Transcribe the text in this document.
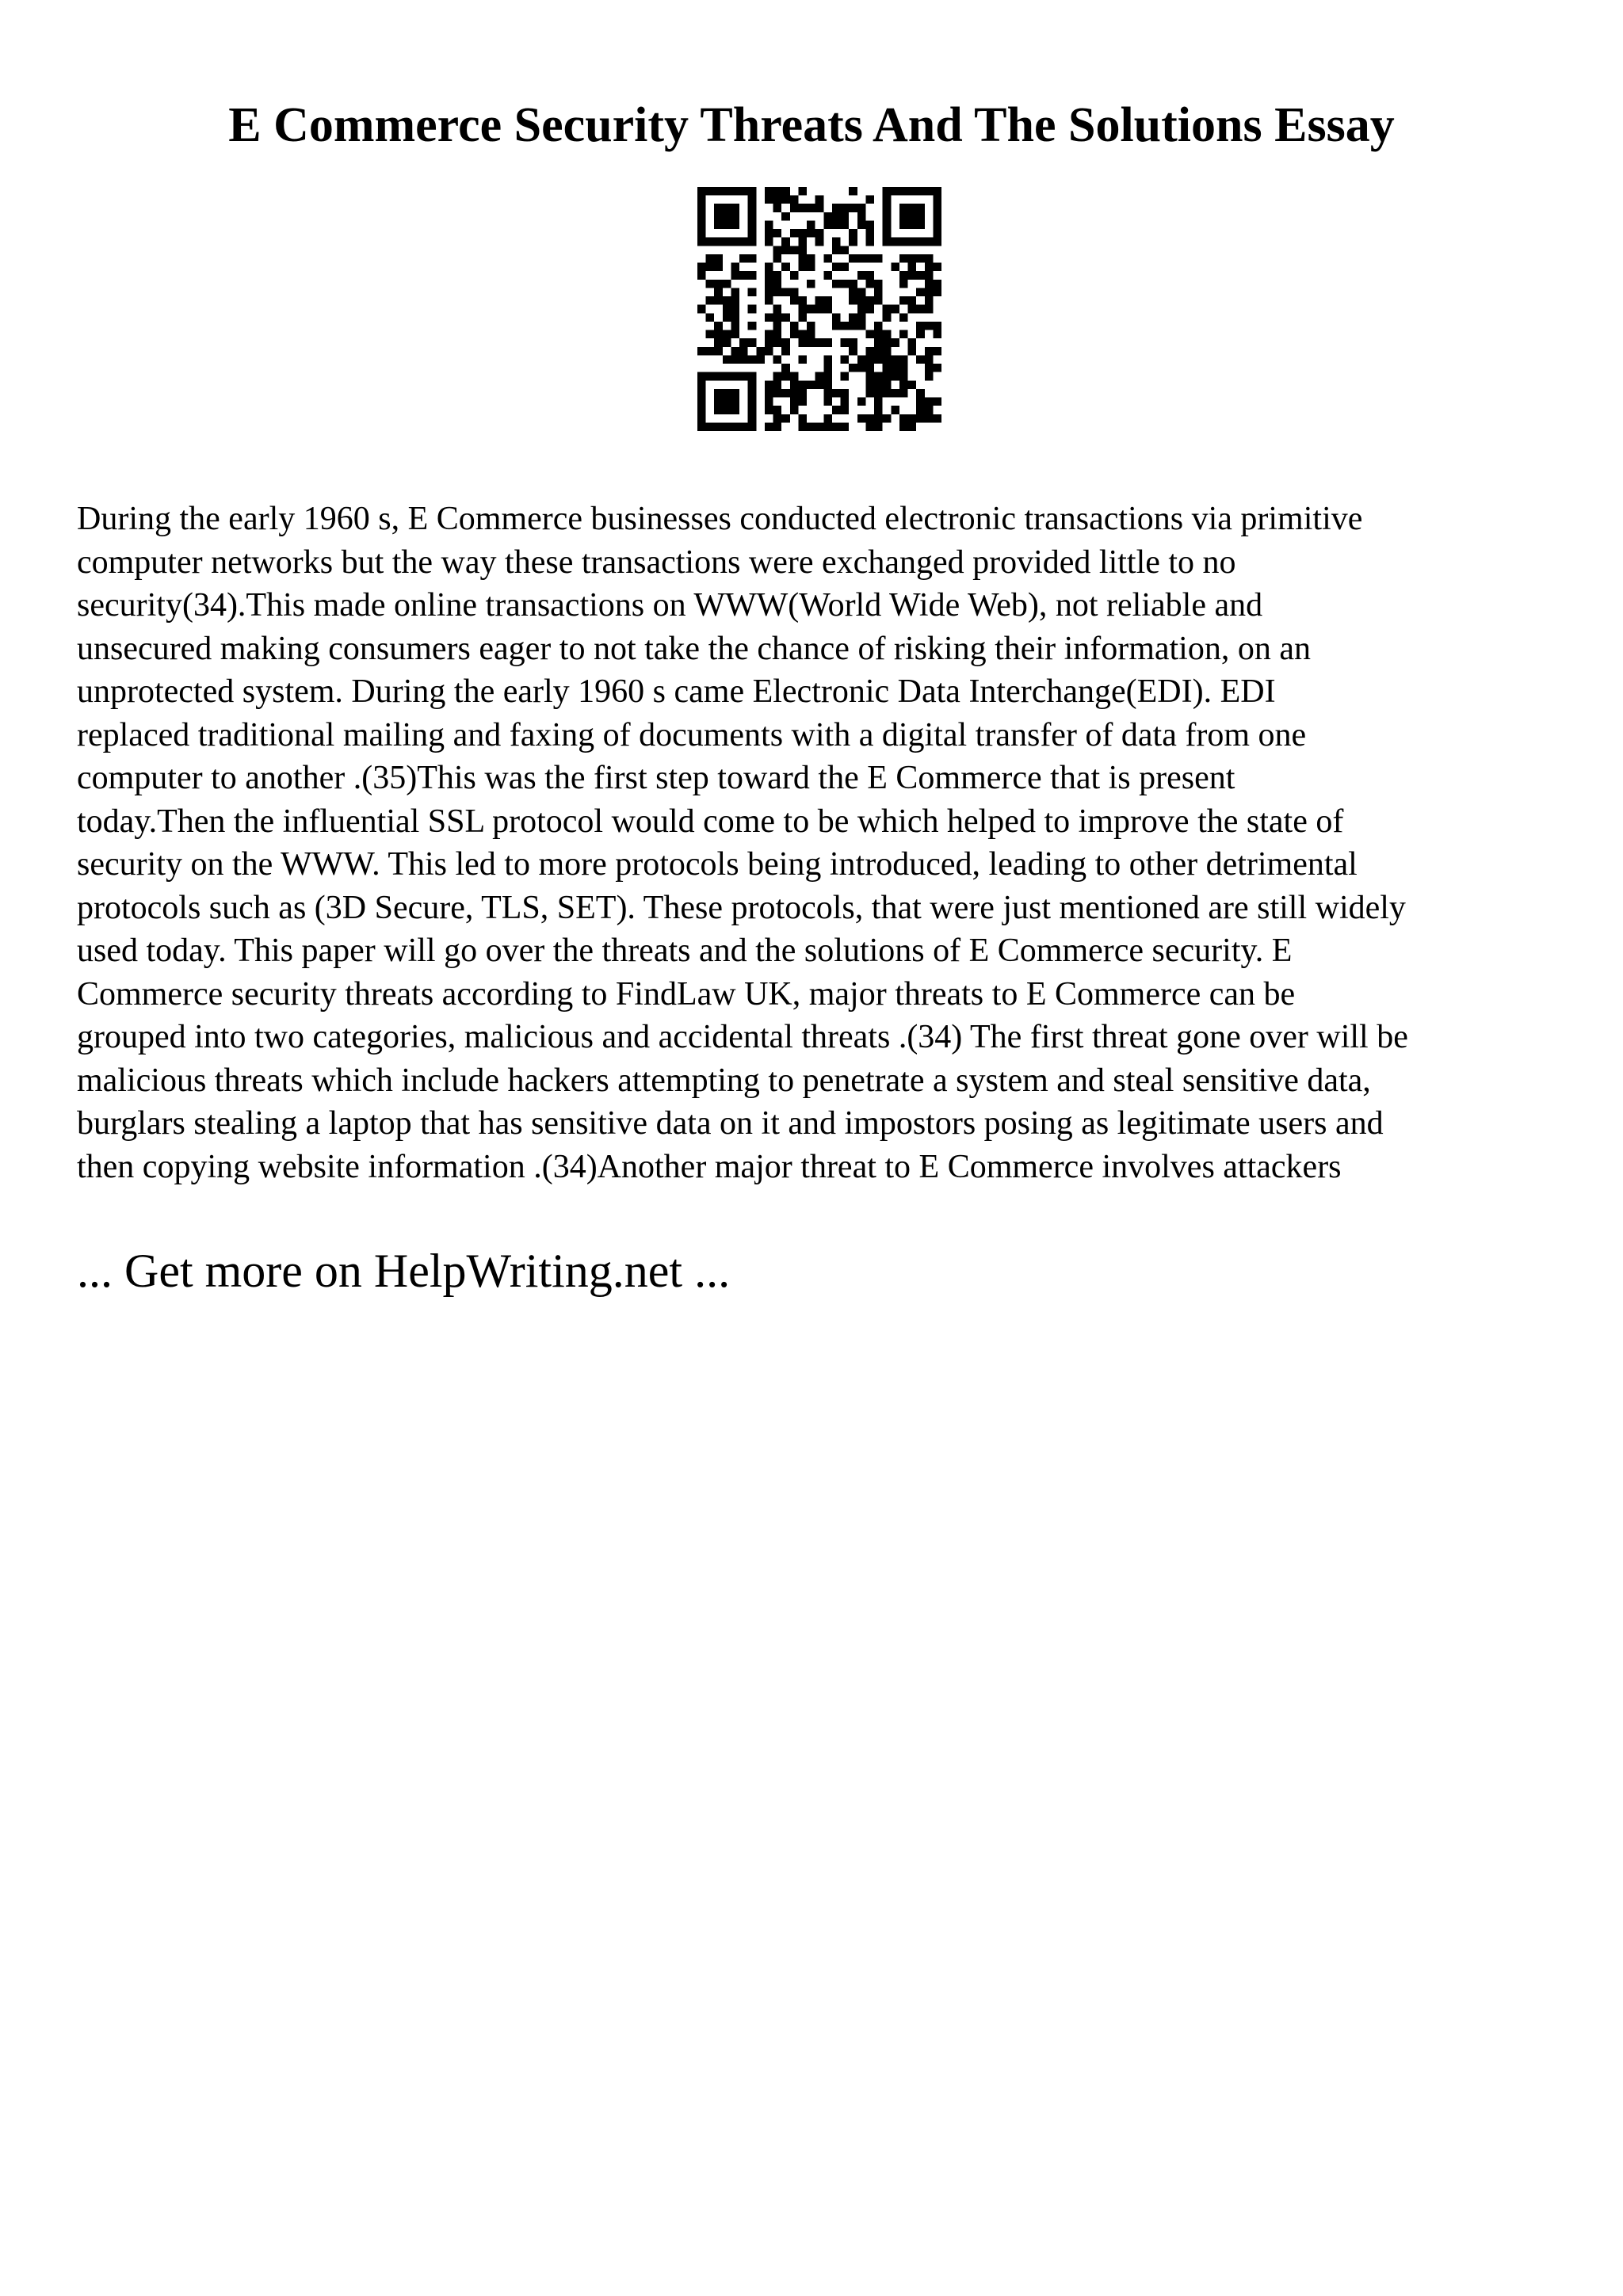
E Commerce Security Threats And The Solutions Essay
During the early 1960 s, E Commerce businesses conducted electronic transactions via primitive
computer networks but the way these transactions were exchanged provided little to no
security(34).This made online transactions on WWW(World Wide Web), not reliable and
unsecured making consumers eager to not take the chance of risking their information, on an
unprotected system. During the early 1960 s came Electronic Data Interchange(EDI). EDI
replaced traditional mailing and faxing of documents with a digital transfer of data from one
computer to another .(35)This was the first step toward the E Commerce that is present
today.Then the influential SSL protocol would come to be which helped to improve the state of
security on the WWW. This led to more protocols being introduced, leading to other detrimental
protocols such as (3D Secure, TLS, SET). These protocols, that were just mentioned are still widely
used today. This paper will go over the threats and the solutions of E Commerce security. E
Commerce security threats according to FindLaw UK, major threats to E Commerce can be
grouped into two categories, malicious and accidental threats .(34) The first threat gone over will be
malicious threats which include hackers attempting to penetrate a system and steal sensitive data,
burglars stealing a laptop that has sensitive data on it and impostors posing as legitimate users and
then copying website information .(34)Another major threat to E Commerce involves attackers
... Get more on HelpWriting.net ...
